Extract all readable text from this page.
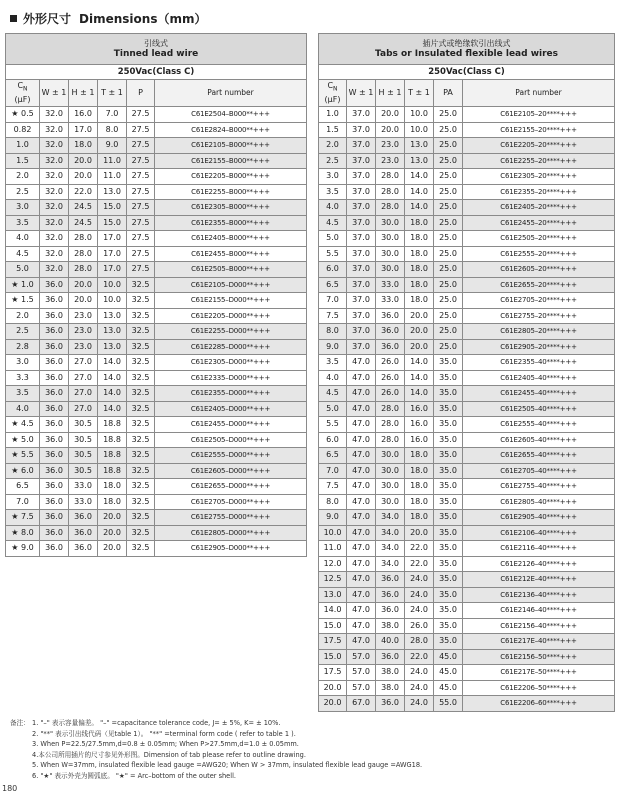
外形尺寸 Dimensions（mm）
引线式
Tinned lead wire					

250Vac(Class C)					
$C_N$
(μF)	W ± 1	H ± 1	T ± 1	P	Part number
★ 0.5	32.0	16.0	7.0	27.5	C61E2504–B000**+++
0.82	32.0	17.0	8.0	27.5	C61E2824–B000**+++
1.0	32.0	18.0	9.0	27.5	C61E2105–B000**+++
1.5	32.0	20.0	11.0	27.5	C61E2155–B000**+++
2.0	32.0	20.0	11.0	27.5	C61E2205–B000**+++
2.5	32.0	22.0	13.0	27.5	C61E2255–B000**+++
3.0	32.0	24.5	15.0	27.5	C61E2305–B000**+++
3.5	32.0	24.5	15.0	27.5	C61E2355–B000**+++
4.0	32.0	28.0	17.0	27.5	C61E2405–B000**+++
4.5	32.0	28.0	17.0	27.5	C61E2455–B000**+++
5.0	32.0	28.0	17.0	27.5	C61E2505–B000**+++
★ 1.0	36.0	20.0	10.0	32.5	C61E2105–D000**+++
★ 1.5	36.0	20.0	10.0	32.5	C61E2155–D000**+++
2.0	36.0	23.0	13.0	32.5	C61E2205–D000**+++
2.5	36.0	23.0	13.0	32.5	C61E2255–D000**+++
2.8	36.0	23.0	13.0	32.5	C61E2285–D000**+++
3.0	36.0	27.0	14.0	32.5	C61E2305–D000**+++
3.3	36.0	27.0	14.0	32.5	C61E2335–D000**+++
3.5	36.0	27.0	14.0	32.5	C61E2355–D000**+++
4.0	36.0	27.0	14.0	32.5	C61E2405–D000**+++
★ 4.5	36.0	30.5	18.8	32.5	C61E2455–D000**+++
★ 5.0	36.0	30.5	18.8	32.5	C61E2505–D000**+++
★ 5.5	36.0	30.5	18.8	32.5	C61E2555–D000**+++
★ 6.0	36.0	30.5	18.8	32.5	C61E2605–D000**+++
6.5	36.0	33.0	18.0	32.5	C61E2655–D000**+++
7.0	36.0	33.0	18.0	32.5	C61E2705–D000**+++
★ 7.5	36.0	36.0	20.0	32.5	C61E2755–D000**+++
★ 8.0	36.0	36.0	20.0	32.5	C61E2805–D000**+++
★ 9.0	36.0	36.0	20.0	32.5	C61E2905–D000**+++
插片式或绝缘软引出线式
Tabs or Insulated flexible lead wires					

250Vac(Class C)					
$C_N$
(μF)	W ± 1	H ± 1	T ± 1	PA	Part number
1.0	37.0	20.0	10.0	25.0	C61E2105–20****+++
1.5	37.0	20.0	10.0	25.0	C61E2155–20****+++
2.0	37.0	23.0	13.0	25.0	C61E2205–20****+++
2.5	37.0	23.0	13.0	25.0	C61E2255–20****+++
3.0	37.0	28.0	14.0	25.0	C61E2305–20****+++
3.5	37.0	28.0	14.0	25.0	C61E2355–20****+++
4.0	37.0	28.0	14.0	25.0	C61E2405–20****+++
4.5	37.0	30.0	18.0	25.0	C61E2455–20****+++
5.0	37.0	30.0	18.0	25.0	C61E2505–20****+++
5.5	37.0	30.0	18.0	25.0	C61E2555–20****+++
6.0	37.0	30.0	18.0	25.0	C61E2605–20****+++
6.5	37.0	33.0	18.0	25.0	C61E2655–20****+++
7.0	37.0	33.0	18.0	25.0	C61E2705–20****+++
7.5	37.0	36.0	20.0	25.0	C61E2755–20****+++
8.0	37.0	36.0	20.0	25.0	C61E2805–20****+++
9.0	37.0	36.0	20.0	25.0	C61E2905–20****+++
3.5	47.0	26.0	14.0	35.0	C61E2355–40****+++
4.0	47.0	26.0	14.0	35.0	C61E2405–40****+++
4.5	47.0	26.0	14.0	35.0	C61E2455–40****+++
5.0	47.0	28.0	16.0	35.0	C61E2505–40****+++
5.5	47.0	28.0	16.0	35.0	C61E2555–40****+++
6.0	47.0	28.0	16.0	35.0	C61E2605–40****+++
6.5	47.0	30.0	18.0	35.0	C61E2655–40****+++
7.0	47.0	30.0	18.0	35.0	C61E2705–40****+++
7.5	47.0	30.0	18.0	35.0	C61E2755–40****+++
8.0	47.0	30.0	18.0	35.0	C61E2805–40****+++
9.0	47.0	34.0	18.0	35.0	C61E2905–40****+++
10.0	47.0	34.0	20.0	35.0	C61E2106–40****+++
11.0	47.0	34.0	22.0	35.0	C61E2116–40****+++
12.0	47.0	34.0	22.0	35.0	C61E2126–40****+++
12.5	47.0	36.0	24.0	35.0	C61E212E–40****+++
13.0	47.0	36.0	24.0	35.0	C61E2136–40****+++
14.0	47.0	36.0	24.0	35.0	C61E2146–40****+++
15.0	47.0	38.0	26.0	35.0	C61E2156–40****+++
17.5	47.0	40.0	28.0	35.0	C61E217E–40****+++
15.0	57.0	36.0	22.0	45.0	C61E2156–50****+++
17.5	57.0	38.0	24.0	45.0	C61E217E–50****+++
20.0	57.0	38.0	24.0	45.0	C61E2206–50****+++
20.0	67.0	36.0	24.0	55.0	C61E2206–60****+++
备注： 1. "–" 表示容量偏差。 "–" =capacitance tolerance code, J= ± 5%, K= ± 10%.
2. "**" 表示引出线代码（见table 1）。 "**" =terminal form code ( refer to table 1 ).
3. When P=22.5/27.5mm,d=0.8 ± 0.05mm; When P>27.5mm,d=1.0 ± 0.05mm.
4.本公司所用插片的尺寸参见外形图。Dimension of tab please refer to outline drawing.
5. When W=37mm, insulated flexible lead gauge =AWG20; When W > 37mm, insulated flexible lead gauge =AWG18.
6. "★" 表示外壳为圆弧底。 "★" = Arc–bottom of the outer shell.
180
